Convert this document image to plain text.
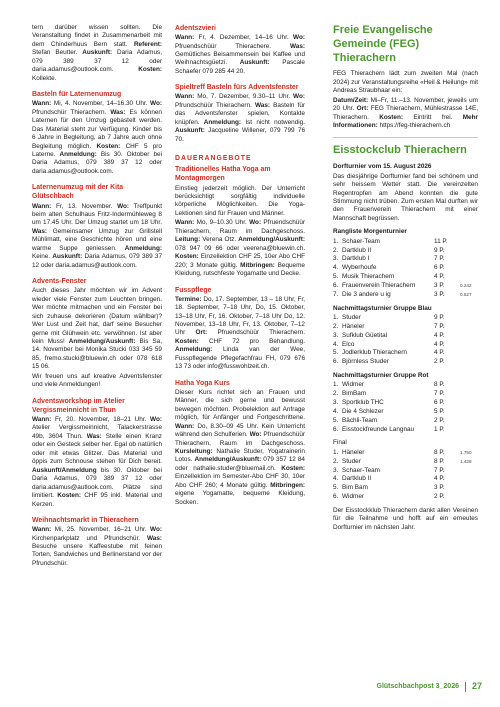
tern darüber wissen sollten. Die Veranstaltung findet in Zusammenarbeit mit dem Chinderhuus Bern statt. Referent: Stefan Beutter. Auskunft: Daria Adamus, 079 389 37 12 oder daria.adamus@outlook.com. Kosten: Kollekte.

Basteln für Laternenumzug

Wann: Mi, 4. November, 14–16.30 Uhr. Wo: Pfrundschür Thierachern. Was: Es können Laternen für den Umzug gebastelt werden. Das Material steht zur Verfügung. Kinder bis 6 Jahre in Begleitung, ab 7 Jahre auch ohne Begleitung möglich. Kosten: CHF 5 pro Laterne. Anmeldung: Bis 30. Oktober bei Daria Adamus, 079 389 37 12 oder daria.adamus@outlook.com.

Laternenumzug mit der Kita Glütschbach

Wann: Fr, 13. November. Wo: Treffpunkt beim alten Schulhaus Fritz-Indermühleweg 8 um 17.45 Uhr. Der Umzug startet um 18 Uhr. Was: Gemeinsamer Umzug zur Grillstell Mühlimatt, eine Geschichte hören und eine warme Suppe geniessen. Anmeldung: Keine. Auskunft: Daria Adamus, 079 389 37 12 oder daria.adamus@autlook.com.

Advents-Fenster

Auch dieses Jahr möchten wir im Advent wieder viele Fenster zum Leuchten bringen. Wer möchte mitmachen und ein Fenster bei sich zuhause dekorieren (Datum wählbar)? Wer Lust und Zeit hat, darf seine Besucher gerne mit Glühwein etc. verwöhnen. Ist aber kein Muss! Anmeldung/Auskunft: Bis Sa, 14. November bei Monika Stucki 033 345 59 85, fremo.stucki@bluewin.ch oder 078 618 15 06.

Wir freuen uns auf kreative Adventsfenster und viele Anmeldungen!

Adventsworkshop im Atelier Vergissmeinnicht in Thun

Wann: Fr, 20. November, 18–21 Uhr. Wo: Atelier Vergissmeinnicht, Talackerstrasse 49b, 3604 Thun. Was: Stelle einen Kranz oder ein Gesteck selber her. Egal ob natürlich oder mit etwas Glitzer. Das Material und öppis zum Schnouse stehen für Dich bereit. Auskunft/Anmeldung bis 30. Oktober bei Daria Adamus, 079 389 37 12 oder daria.adamus@autlook.com. Plätze sind limitiert. Kosten: CHF 95 inkl. Material und Kerzen.

Weihnachtsmarkt in Thierachern

Wann: Mi, 25. November, 16–21 Uhr. Wo: Kirchenparkplatz und Pfrundschür. Was: Besuche unsere Kaffeestube mit feinen Torten, Sandwiches und Berlinerstand vor der Pfrundschür.

Adentszvieri

Wann: Fr, 4. Dezember, 14–16 Uhr. Wo: Pfruendschüür Thierachere. Was: Gemütliches Beisammensein bei Kaffee und Weihnachtsgüetzi. Auskunft: Pascale Schaefer 079 285 44 20.

Spieltreff Basteln fürs Adventsfenster

Wann: Mo, 7. Dezember, 9.30–11 Uhr. Wo: Pfrundschüür Thierachern. Was: Basteln für das Adventsfenster spielen, Kontakte knüpfen. Anmeldung: Ist nicht notwendig. Auskunft: Jacqueline Willener, 079 799 76 70.

DAUERANGEBOTE
Traditionelles Hatha Yoga am Montagmorgen

Einstieg jederzeit möglich. Der Unterricht berücksichtigt sorgfältig individuelle körperliche Möglichkeiten. Die Yoga-Lektionen sind für Frauen und Männer.

Wann: Mo, 9–10.30 Uhr. Wo: Pfruendschüür Thierachern, Raum im Dachgeschoss. Leitung: Verena Otz. Anmeldung/Auskunft: 078 947 09 66 oder veerena@bluewin.ch. Kosten: Einzellektion CHF 25, 10er Abo CHF 220; 3 Monate gültig. Mitbringen: Bequeme Kleidung, rutschfeste Yogamatte und Decke.

Fusspflege

Termine: Do, 17. September, 13 – 18 Uhr, Fr, 18. September, 7–18 Uhr, Do, 15. Oktober, 13–18 Uhr, Fr, 16. Oktober, 7–18 Uhr Do, 12. November, 13–18 Uhr, Fr, 13. Oktober, 7–12 Uhr Ort: Pfruendschüür Thierachern. Kosten: CHF 72 pro Behandlung. Anmeldung: Linda van der Wee, Fusspflegende Pflegefachfrau FH, 079 676 13 73 oder info@fusswohlzeit.ch.

Hatha Yoga Kurs

Dieser Kurs richtet sich an Frauen und Männer, die sich gerne und bewusst bewegen möchten. Probelektion auf Anfrage möglich, für Anfänger und Fortgeschrittene. Wann: Do, 8.30–09 45 Uhr. Kein Unterricht während den Schulferien. Wo: Pfruendschüür Thierachern, Raum im Dachgeschoss. Kursleitung: Nathalie Studer, Yogatrainerin Lotos. Anmeldung/Auskunft: 079 357 12 84 oder nathalie.studer@bluemail.ch. Kosten: Einzellektion im Semester-Abo CHF 30, 10er Abo CHF 260; 4 Monate gültig. Mitbringen: eigene Yogamatte, bequeme Kleidung, Socken.

Freie Evangelische Gemeinde (FEG) Thierachern

FEG Thierachern lädt zum zweiten Mal (nach 2024) zur Veranstaltungsreihe «Heil & Heilung» mit Andreas Straubhaar ein:

Datum/Zeit: Mi–Fr, 11.–13. November, jeweils um 20 Uhr. Ort: FEG Thierachern, Mühlestrasse 14E, Thierachern. Kosten: Eintritt frei. Mehr Informationen: https://feg-thierachern.ch

Eisstockclub Thierachern
Dorfturnier vom 15. August 2026

Das diesjährige Dorfturnier fand bei schönem und sehr heissem Wetter statt. Die vereinzelten Regentropfen am Abend konnten die gute Stimmung nicht trüben. Zum ersten Mal durften wir den Frauenverein Thierachern mit einer Mannschaft begrüssen.

Rangliste Morgenturnier
1.	Schaer-Team	11 P.	
2.	Dartklub II	9 P.	
3.	Dartklub I	7 P.	
4.	Wyberhoufe	6 P.	
5.	Musik Thierachern	4 P.	
6.	Frauenverein Thierachern	3 P.	0.242
7.	Die 3 andere u ig	3 P.	0.527
Nachmittagsturnier Gruppe Blau
1.	Studer	9 P.	
2.	Häneler	7 P.	
3.	Sufklub Güetital	4 P.	
4.	Elco	4 P.	
5.	Jodlerklub Thierachern	4 P.	
6.	Björnless Studer	2 P.	
Nachmittagsturnier Gruppe Rot
1.	Widmer	8 P.	
2.	BimBam	7 P.	
3.	Sportklub THC	6 P.	
4.	Die 4 Schlezer	5 P.	
5.	Bächli-Team	2 P.	
6.	Eisstockfreunde Langnau	1 P.	
Final
1.	Häneler	8 P.	1.750
2.	Studer	8 P.	1.428
3.	Schaer-Team	7 P.	
4.	Dartklub II	4 P.	
5.	Bim Bam	3 P.	
6.	Widmer	2 P.	

Der Eisstockklub Thierachern dankt allen Vereinen für die Teilnahme und hofft auf ein erneutes Dorfturnier im nächsten Jahr.

Glütschbachpost 3_2026 27
